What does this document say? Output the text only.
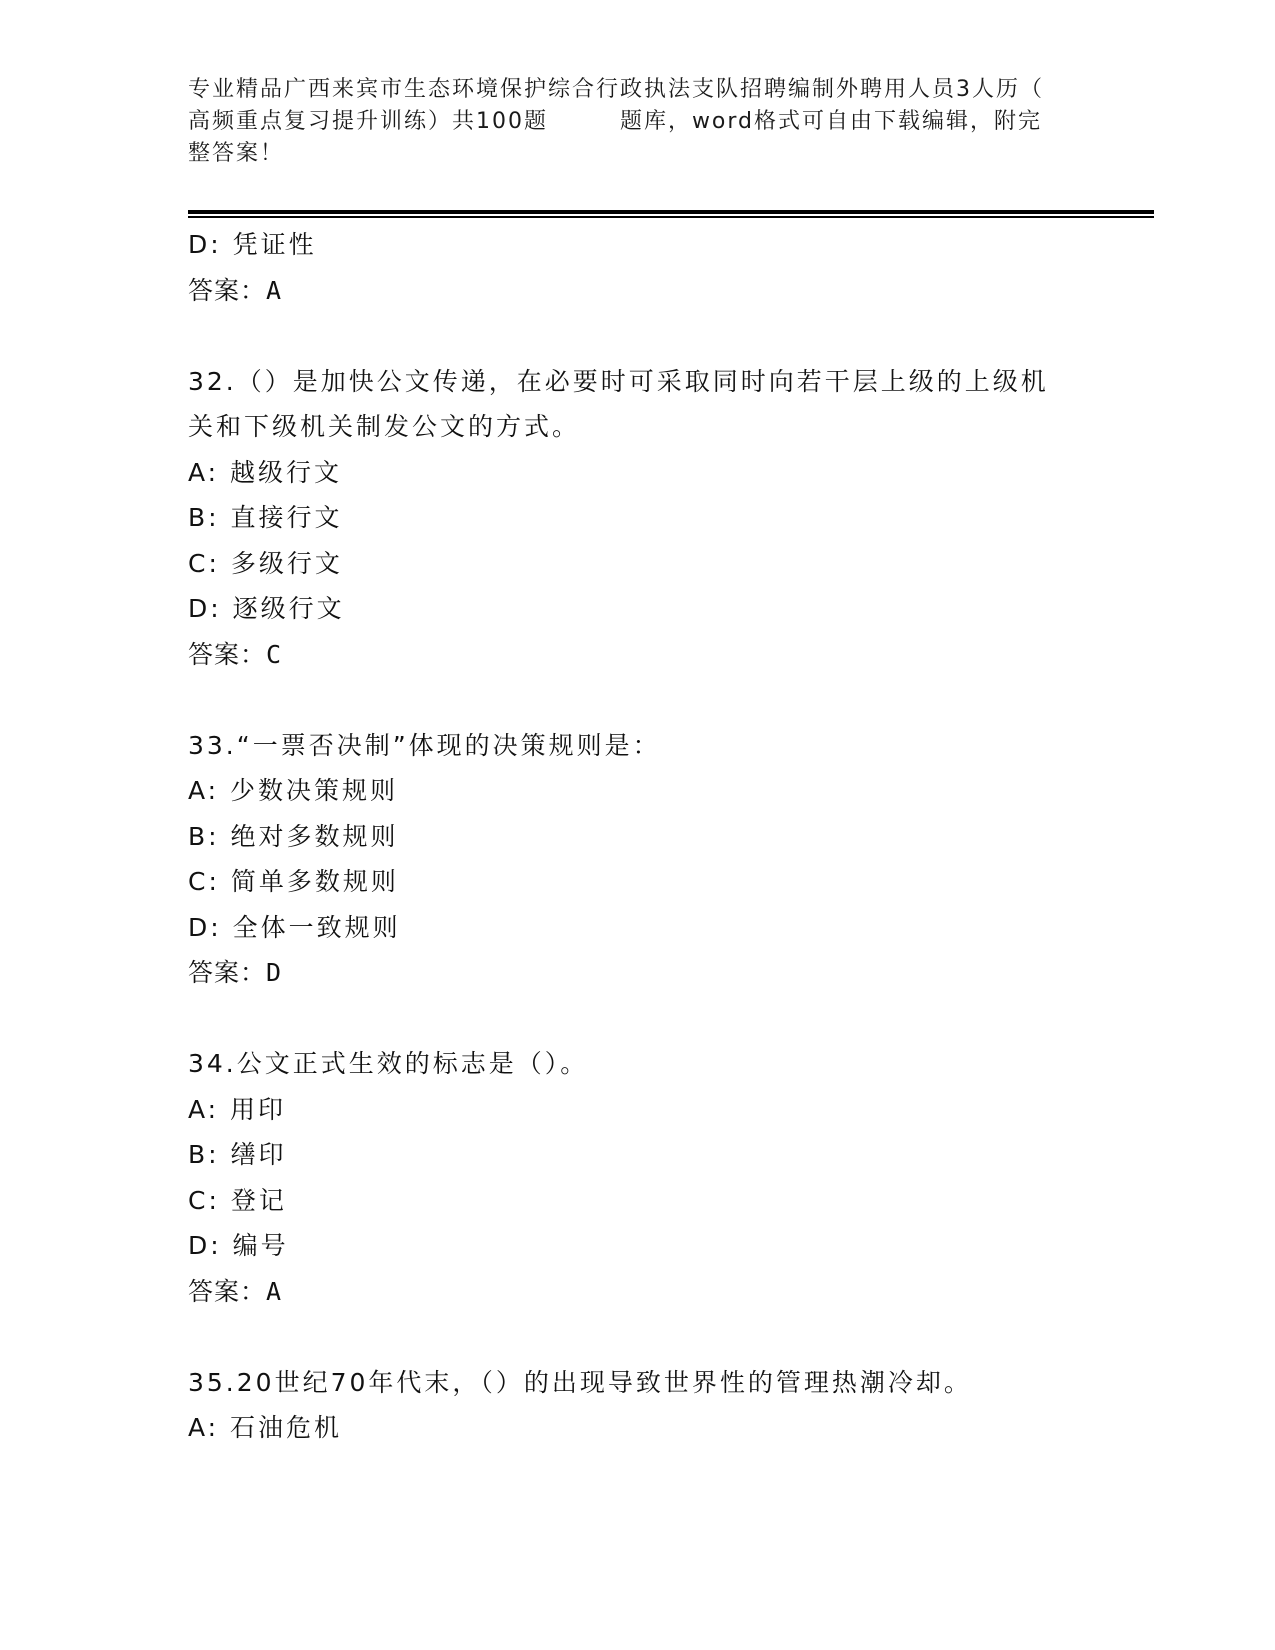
专业精品广西来宾市生态环境保护综合行政执法支队招聘编制外聘用人员3人历（
高频重点复习提升训练）共100题        题库，word格式可自由下载编辑，附完
整答案！
D: 凭证性
答案：A
32.（）是加快公文传递，在必要时可采取同时向若干层上级的上级机
关和下级机关制发公文的方式。
A: 越级行文
B: 直接行文
C: 多级行文
D: 逐级行文
答案：C
33.“一票否决制”体现的决策规则是：
A: 少数决策规则
B: 绝对多数规则
C: 简单多数规则
D: 全体一致规则
答案：D
34.公文正式生效的标志是（）。
A: 用印
B: 缮印
C: 登记
D: 编号
答案：A
35.20世纪70年代末，（）的出现导致世界性的管理热潮冷却。
A: 石油危机
